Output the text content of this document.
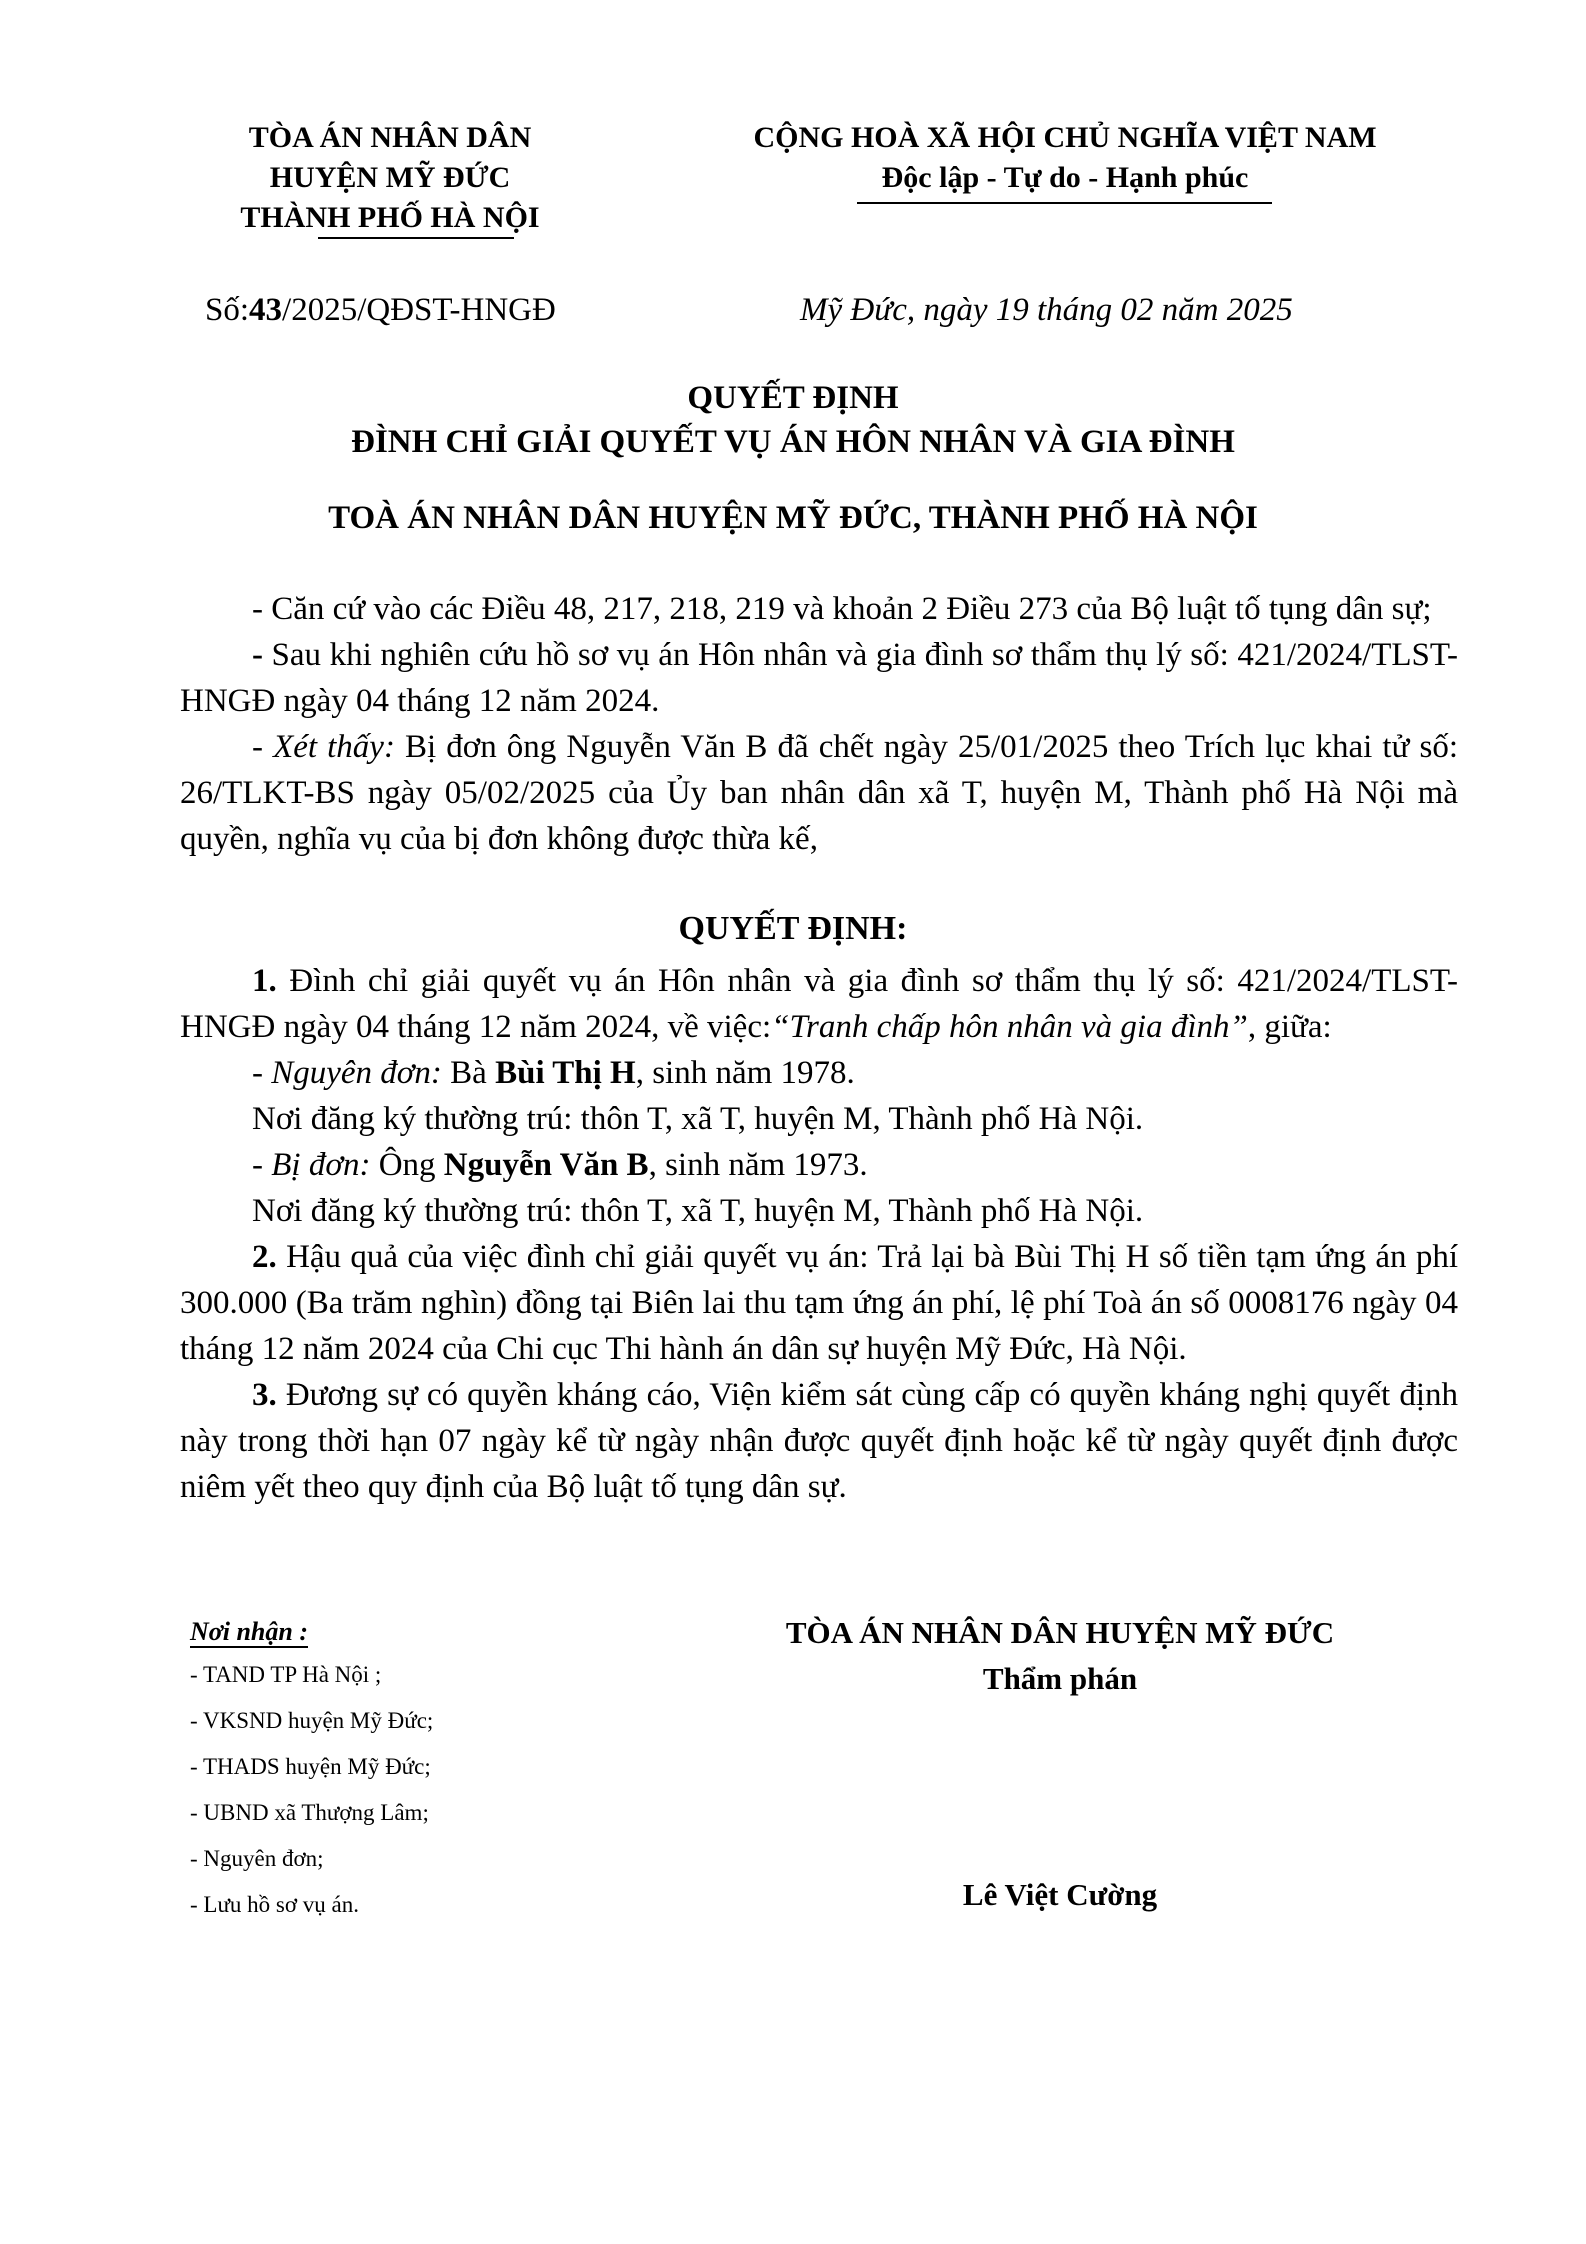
TÒA ÁN NHÂN DÂN
HUYỆN MỸ ĐỨC
THÀNH PHỐ HÀ NỘI
CỘNG HOÀ XÃ HỘI CHỦ NGHĨA VIỆT NAM
Độc lập - Tự do - Hạnh phúc
Số:43/2025/QĐST-HNGĐ	Mỹ Đức, ngày 19 tháng 02 năm 2025
QUYẾT ĐỊNH
ĐÌNH CHỈ GIẢI QUYẾT VỤ ÁN HÔN NHÂN VÀ GIA ĐÌNH
TOÀ ÁN NHÂN DÂN HUYỆN MỸ ĐỨC, THÀNH PHỐ HÀ NỘI

- Căn cứ vào các Điều 48, 217, 218, 219 và khoản 2 Điều 273 của Bộ luật tố tụng dân sự;

- Sau khi nghiên cứu hồ sơ vụ án Hôn nhân và gia đình sơ thẩm thụ lý số: 421/2024/TLST-HNGĐ ngày 04 tháng 12 năm 2024.

- Xét thấy: Bị đơn ông Nguyễn Văn B đã chết ngày 25/01/2025 theo Trích lục khai tử số: 26/TLKT-BS ngày 05/02/2025 của Ủy ban nhân dân xã T, huyện M, Thành phố Hà Nội mà quyền, nghĩa vụ của bị đơn không được thừa kế,

QUYẾT ĐỊNH:

1. Đình chỉ giải quyết vụ án Hôn nhân và gia đình sơ thẩm thụ lý số: 421/2024/TLST-HNGĐ ngày 04 tháng 12 năm 2024, về việc:“Tranh chấp hôn nhân và gia đình”, giữa:

- Nguyên đơn: Bà Bùi Thị H, sinh năm 1978.

Nơi đăng ký thường trú: thôn T, xã T, huyện M, Thành phố Hà Nội.

- Bị đơn: Ông Nguyễn Văn B, sinh năm 1973.

Nơi đăng ký thường trú: thôn T, xã T, huyện M, Thành phố Hà Nội.

2. Hậu quả của việc đình chỉ giải quyết vụ án: Trả lại bà Bùi Thị H số tiền tạm ứng án phí 300.000 (Ba trăm nghìn) đồng tại Biên lai thu tạm ứng án phí, lệ phí Toà án số 0008176 ngày 04 tháng 12 năm 2024 của Chi cục Thi hành án dân sự huyện Mỹ Đức, Hà Nội.

3. Đương sự có quyền kháng cáo, Viện kiểm sát cùng cấp có quyền kháng nghị quyết định này trong thời hạn 07 ngày kể từ ngày nhận được quyết định hoặc kể từ ngày quyết định được niêm yết theo quy định của Bộ luật tố tụng dân sự.

Nơi nhận :
- TAND TP Hà Nội ;
- VKSND huyện Mỹ Đức;
- THADS huyện Mỹ Đức;
- UBND xã Thượng Lâm;
- Nguyên đơn;
- Lưu hồ sơ vụ án.
TÒA ÁN NHÂN DÂN HUYỆN MỸ ĐỨC
Thẩm phán
Lê Việt Cường
